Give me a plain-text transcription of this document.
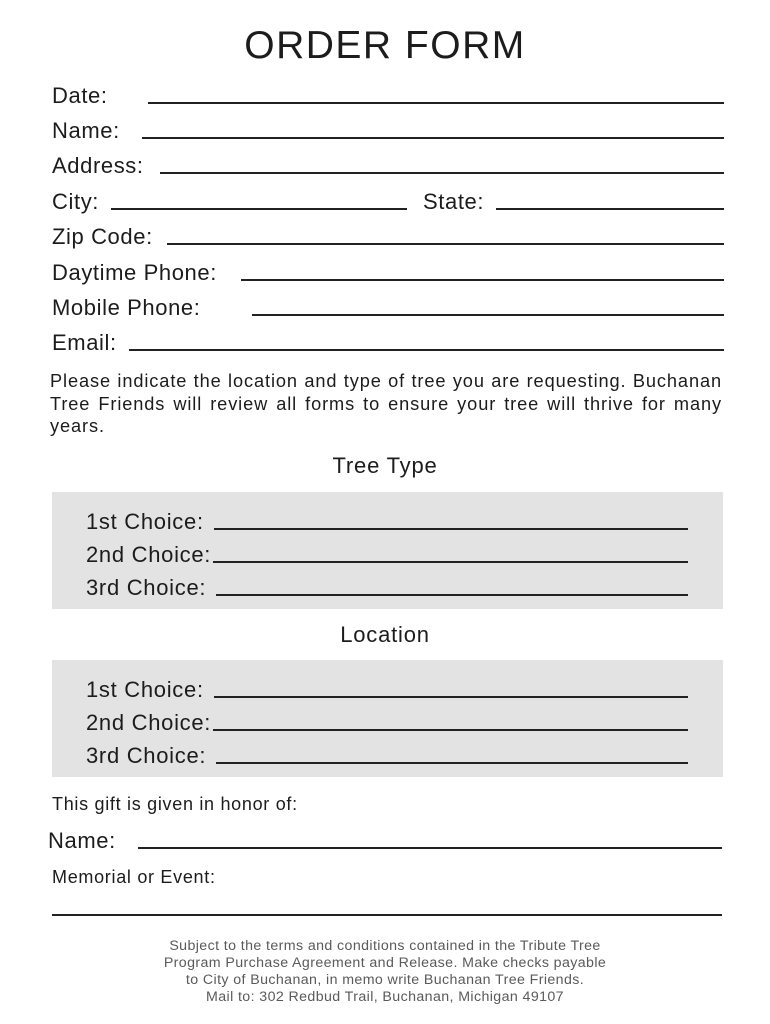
ORDER FORM
Date:
Name:
Address:
City:	State:
Zip Code:
Daytime Phone:
Mobile Phone:
Email:
Please indicate the location and type of tree you are requesting. Buchanan Tree Friends will review all forms to ensure your tree will thrive for many years.
Tree Type
1st Choice:
2nd Choice:
3rd Choice:
Location
1st Choice:
2nd Choice:
3rd Choice:
This gift is given in honor of:
Name:
Memorial or Event:
Subject to the terms and conditions contained in the Tribute Tree
Program Purchase Agreement and Release. Make checks payable
to City of Buchanan, in memo write Buchanan Tree Friends.
Mail to: 302 Redbud Trail, Buchanan, Michigan 49107
